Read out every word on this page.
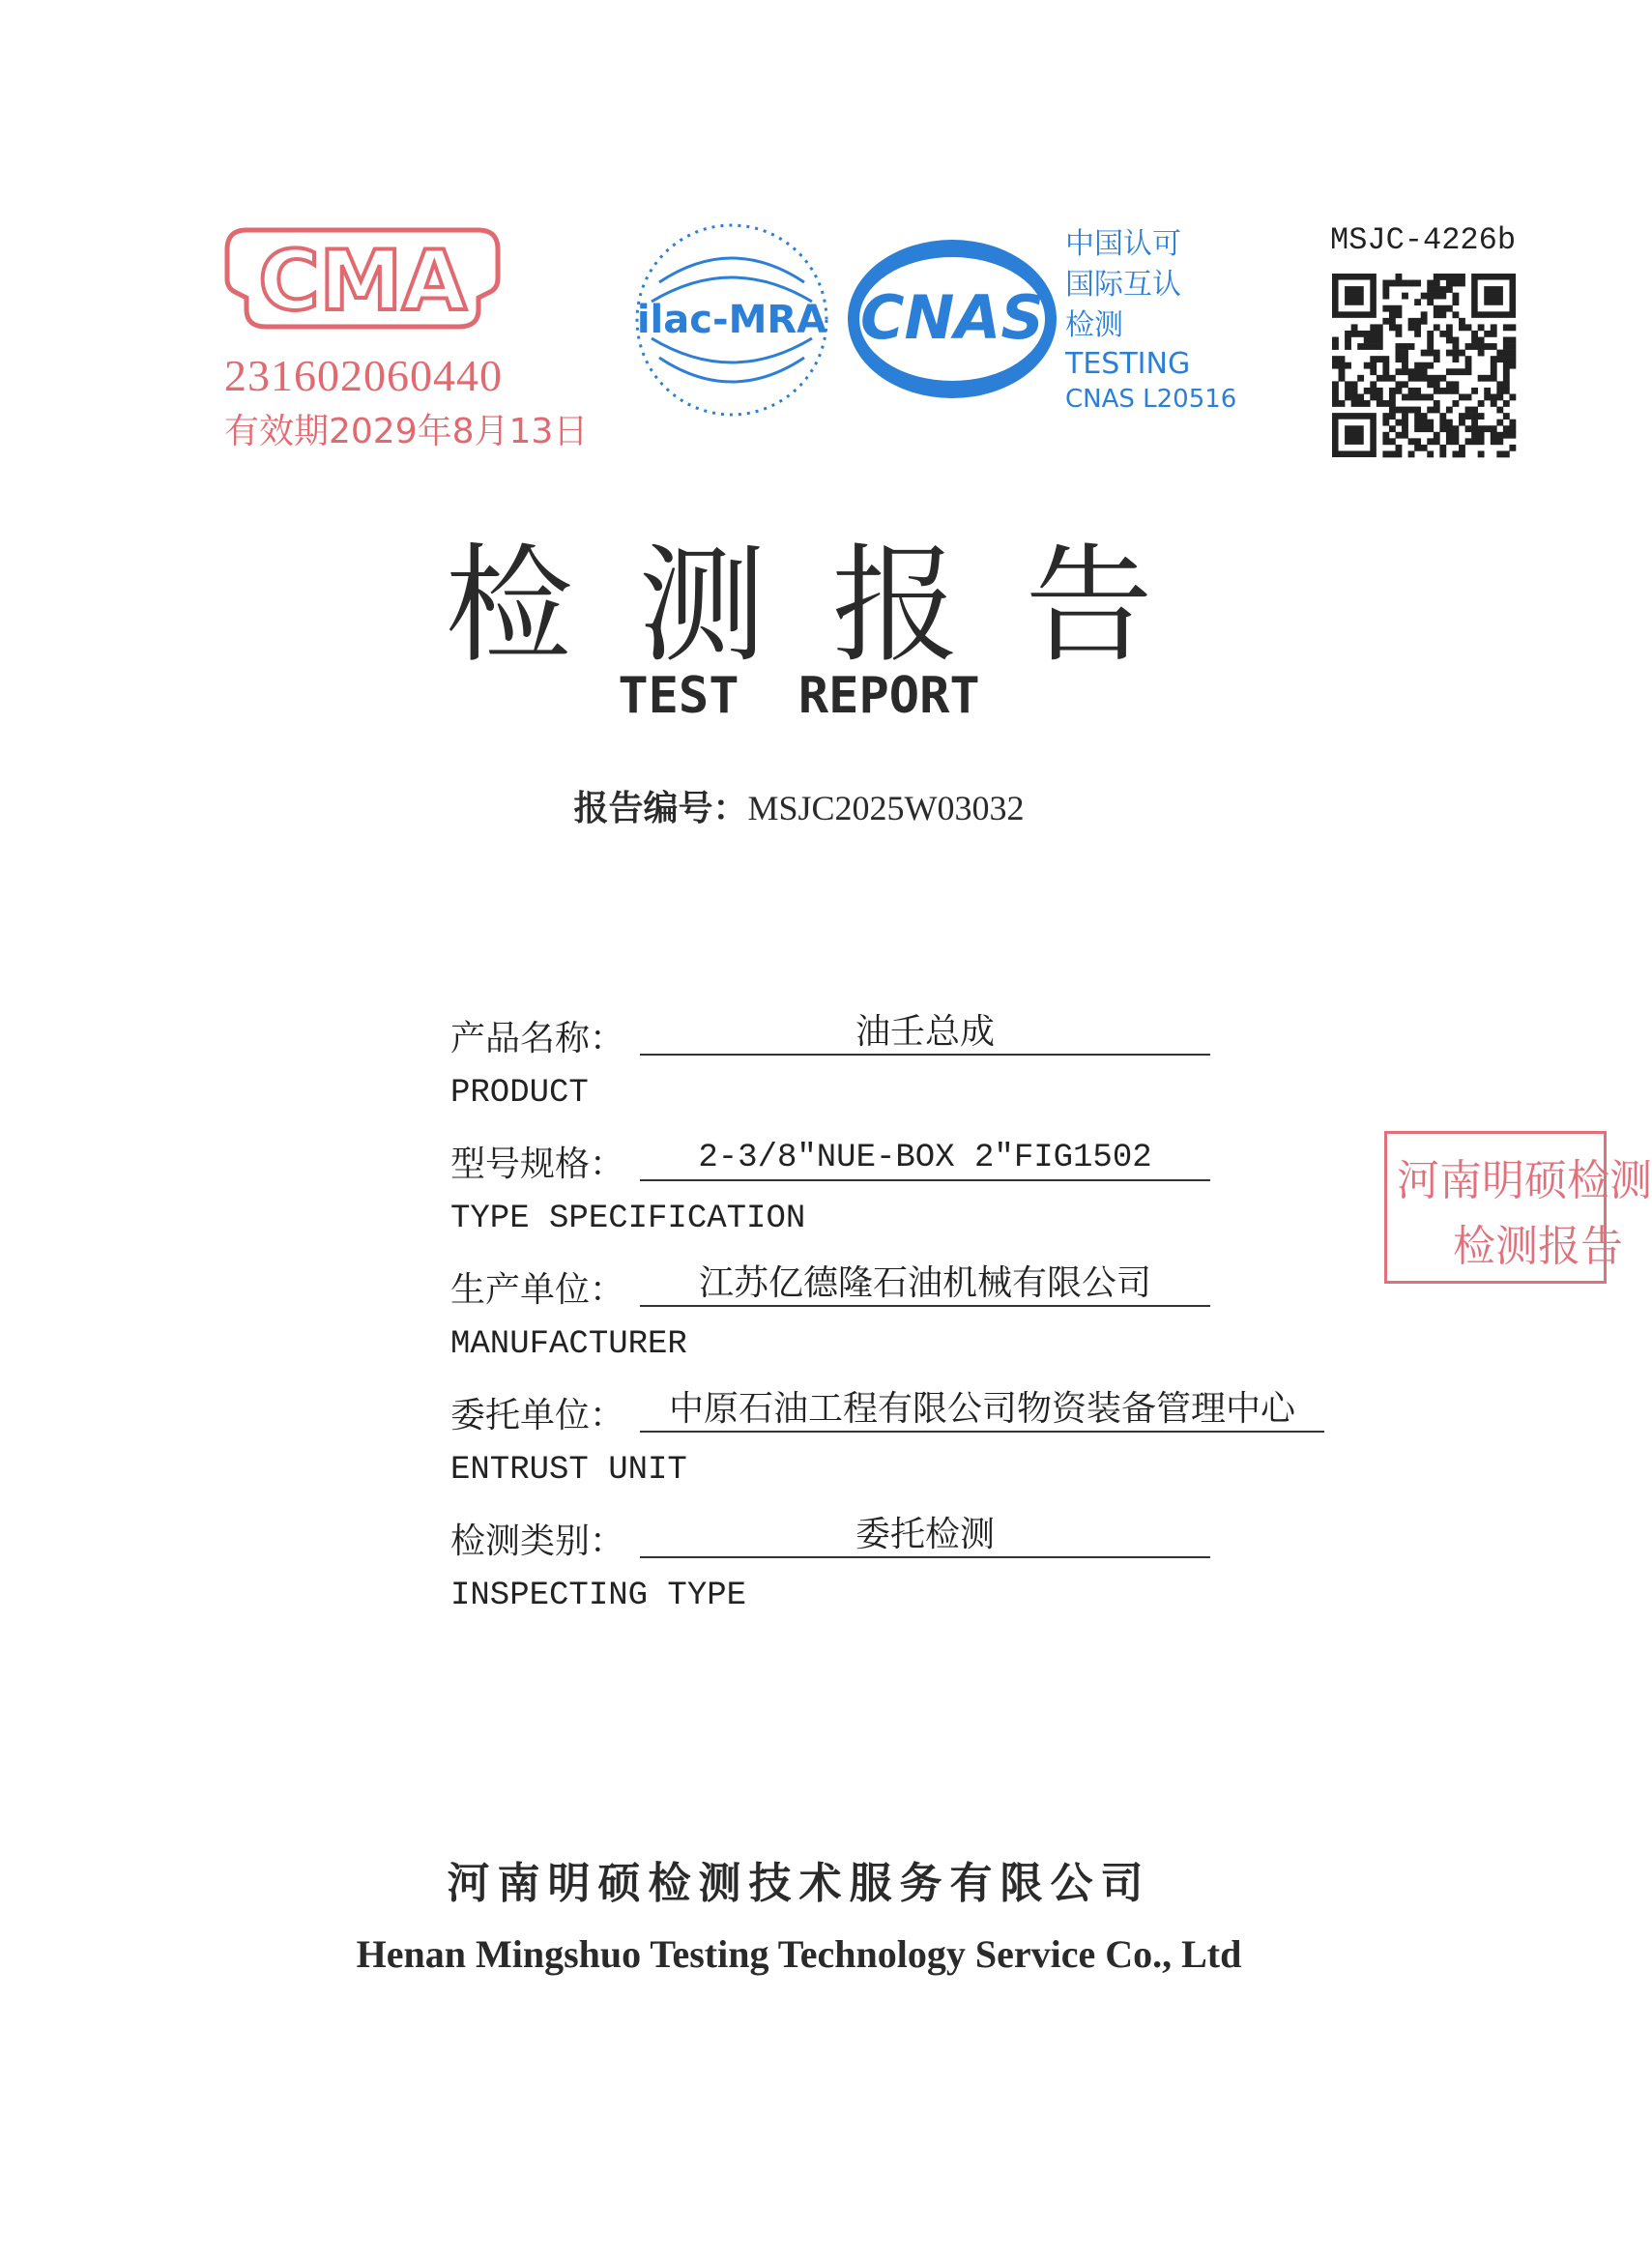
CMA
231602060440
有效期2029年8月13日
ilac-MRA CNAS
中国认可
国际互认
检测
TESTING
CNAS L20516
MSJC-4226b
检测报告
TEST REPORT
报告编号：MSJC2025W03032
产品名称：	油壬总成
PRODUCT
型号规格：	2-3/8"NUE-BOX 2"FIG1502
TYPE SPECIFICATION
生产单位：	江苏亿德隆石油机械有限公司
MANUFACTURER
委托单位：	中原石油工程有限公司物资装备管理中心
ENTRUST UNIT
检测类别：	委托检测
INSPECTING TYPE
河南明硕检测
检测报告
河南明硕检测技术服务有限公司
Henan Mingshuo Testing Technology Service Co., Ltd
